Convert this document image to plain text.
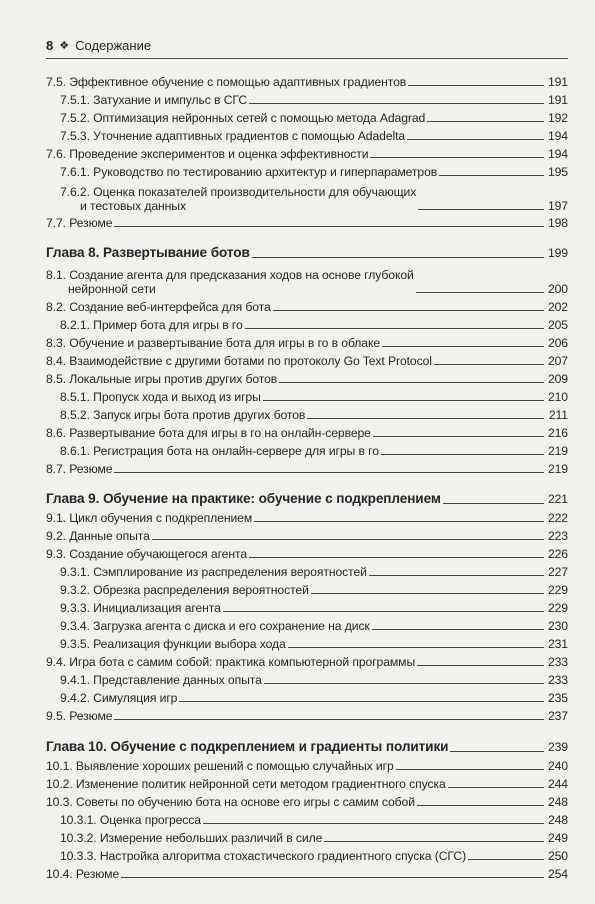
8 ❖ Содержание
7.5. Эффективное обучение с помощью адаптивных градиентов	191
7.5.1. Затухание и импульс в СГС	191
7.5.2. Оптимизация нейронных сетей с помощью метода Adagrad	192
7.5.3. Уточнение адаптивных градиентов с помощью Adadelta	194
7.6. Проведение экспериментов и оценка эффективности	194
7.6.1. Руководство по тестированию архитектур и гиперпараметров	195
7.6.2. Оценка показателей производительности для обучающих
и тестовых данных	197
7.7. Резюме	198
Глава 8. Развертывание ботов	199
8.1. Создание агента для предсказания ходов на основе глубокой
нейронной сети	200
8.2. Создание веб-интерфейса для бота	202
8.2.1. Пример бота для игры в го	205
8.3. Обучение и развертывание бота для игры в го в облаке	206
8.4. Взаимодействие с другими ботами по протоколу Go Text Protocol	207
8.5. Локальные игры против других ботов	209
8.5.1. Пропуск хода и выход из игры	210
8.5.2. Запуск игры бота против других ботов	211
8.6. Развертывание бота для игры в го на онлайн-сервере	216
8.6.1. Регистрация бота на онлайн-сервере для игры в го	219
8.7. Резюме	219
Глава 9. Обучение на практике: обучение с подкреплением	221
9.1. Цикл обучения с подкреплением	222
9.2. Данные опыта	223
9.3. Создание обучающегося агента	226
9.3.1. Сэмплирование из распределения вероятностей	227
9.3.2. Обрезка распределения вероятностей	229
9.3.3. Инициализация агента	229
9.3.4. Загрузка агента с диска и его сохранение на диск	230
9.3.5. Реализация функции выбора хода	231
9.4. Игра бота с самим собой: практика компьютерной программы	233
9.4.1. Представление данных опыта	233
9.4.2. Симуляция игр	235
9.5. Резюме	237
Глава 10. Обучение с подкреплением и градиенты политики	239
10.1. Выявление хороших решений с помощью случайных игр	240
10.2. Изменение политик нейронной сети методом градиентного спуска	244
10.3. Советы по обучению бота на основе его игры с самим собой	248
10.3.1. Оценка прогресса	248
10.3.2. Измерение небольших различий в силе	249
10.3.3. Настройка алгоритма стохастического градиентного спуска (СГС)	250
10.4. Резюме	254
